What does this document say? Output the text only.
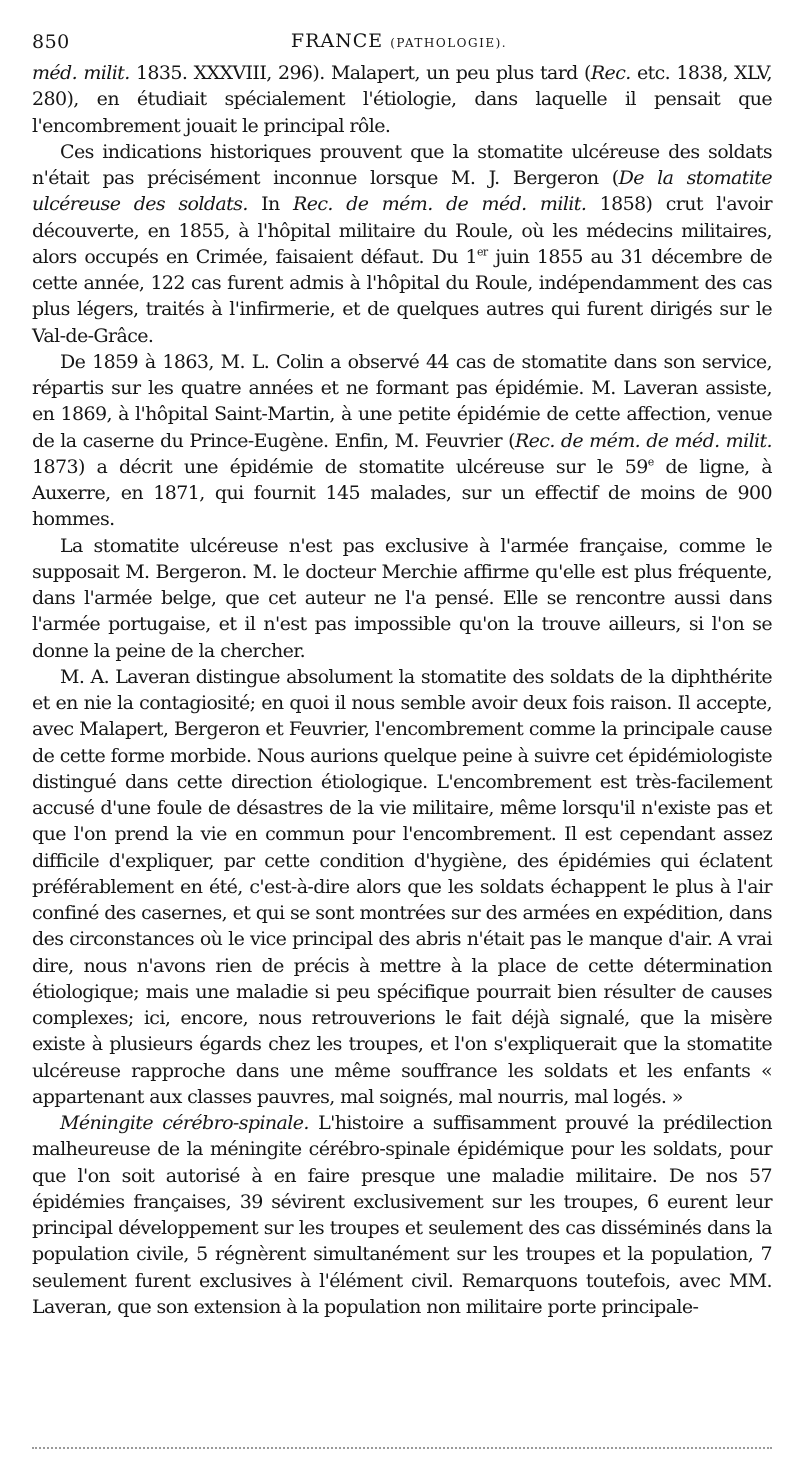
850	FRANCE (PATHOLOGIE).

méd. milit. 1835. XXXVIII, 296). Malapert, un peu plus tard (Rec. etc. 1838, XLV, 280), en étudiait spécialement l'étiologie, dans laquelle il pensait que l'encombrement jouait le principal rôle.

Ces indications historiques prouvent que la stomatite ulcéreuse des soldats n'était pas précisément inconnue lorsque M. J. Bergeron (De la stomatite ulcéreuse des soldats. In Rec. de mém. de méd. milit. 1858) crut l'avoir découverte, en 1855, à l'hôpital militaire du Roule, où les médecins militaires, alors occupés en Crimée, faisaient défaut. Du 1er juin 1855 au 31 décembre de cette année, 122 cas furent admis à l'hôpital du Roule, indépendamment des cas plus légers, traités à l'infirmerie, et de quelques autres qui furent dirigés sur le Val-de-Grâce.

De 1859 à 1863, M. L. Colin a observé 44 cas de stomatite dans son service, répartis sur les quatre années et ne formant pas épidémie. M. Laveran assiste, en 1869, à l'hôpital Saint-Martin, à une petite épidémie de cette affection, venue de la caserne du Prince-Eugène. Enfin, M. Feuvrier (Rec. de mém. de méd. milit. 1873) a décrit une épidémie de stomatite ulcéreuse sur le 59e de ligne, à Auxerre, en 1871, qui fournit 145 malades, sur un effectif de moins de 900 hommes.

La stomatite ulcéreuse n'est pas exclusive à l'armée française, comme le supposait M. Bergeron. M. le docteur Merchie affirme qu'elle est plus fréquente, dans l'armée belge, que cet auteur ne l'a pensé. Elle se rencontre aussi dans l'armée portugaise, et il n'est pas impossible qu'on la trouve ailleurs, si l'on se donne la peine de la chercher.

M. A. Laveran distingue absolument la stomatite des soldats de la diphthérite et en nie la contagiosité; en quoi il nous semble avoir deux fois raison. Il accepte, avec Malapert, Bergeron et Feuvrier, l'encombrement comme la principale cause de cette forme morbide. Nous aurions quelque peine à suivre cet épidémiologiste distingué dans cette direction étiologique. L'encombrement est très-facilement accusé d'une foule de désastres de la vie militaire, même lorsqu'il n'existe pas et que l'on prend la vie en commun pour l'encombrement. Il est cependant assez difficile d'expliquer, par cette condition d'hygiène, des épidémies qui éclatent préférablement en été, c'est-à-dire alors que les soldats échappent le plus à l'air confiné des casernes, et qui se sont montrées sur des armées en expédition, dans des circonstances où le vice principal des abris n'était pas le manque d'air. A vrai dire, nous n'avons rien de précis à mettre à la place de cette détermination étiologique; mais une maladie si peu spécifique pourrait bien résulter de causes complexes; ici, encore, nous retrouverions le fait déjà signalé, que la misère existe à plusieurs égards chez les troupes, et l'on s'expliquerait que la stomatite ulcéreuse rapproche dans une même souffrance les soldats et les enfants « appartenant aux classes pauvres, mal soignés, mal nourris, mal logés. »

Méningite cérébro-spinale. L'histoire a suffisamment prouvé la prédilection malheureuse de la méningite cérébro-spinale épidémique pour les soldats, pour que l'on soit autorisé à en faire presque une maladie militaire. De nos 57 épidémies françaises, 39 sévirent exclusivement sur les troupes, 6 eurent leur principal développement sur les troupes et seulement des cas disséminés dans la population civile, 5 régnèrent simultanément sur les troupes et la population, 7 seulement furent exclusives à l'élément civil. Remarquons toutefois, avec MM. Laveran, que son extension à la population non militaire porte principale-
